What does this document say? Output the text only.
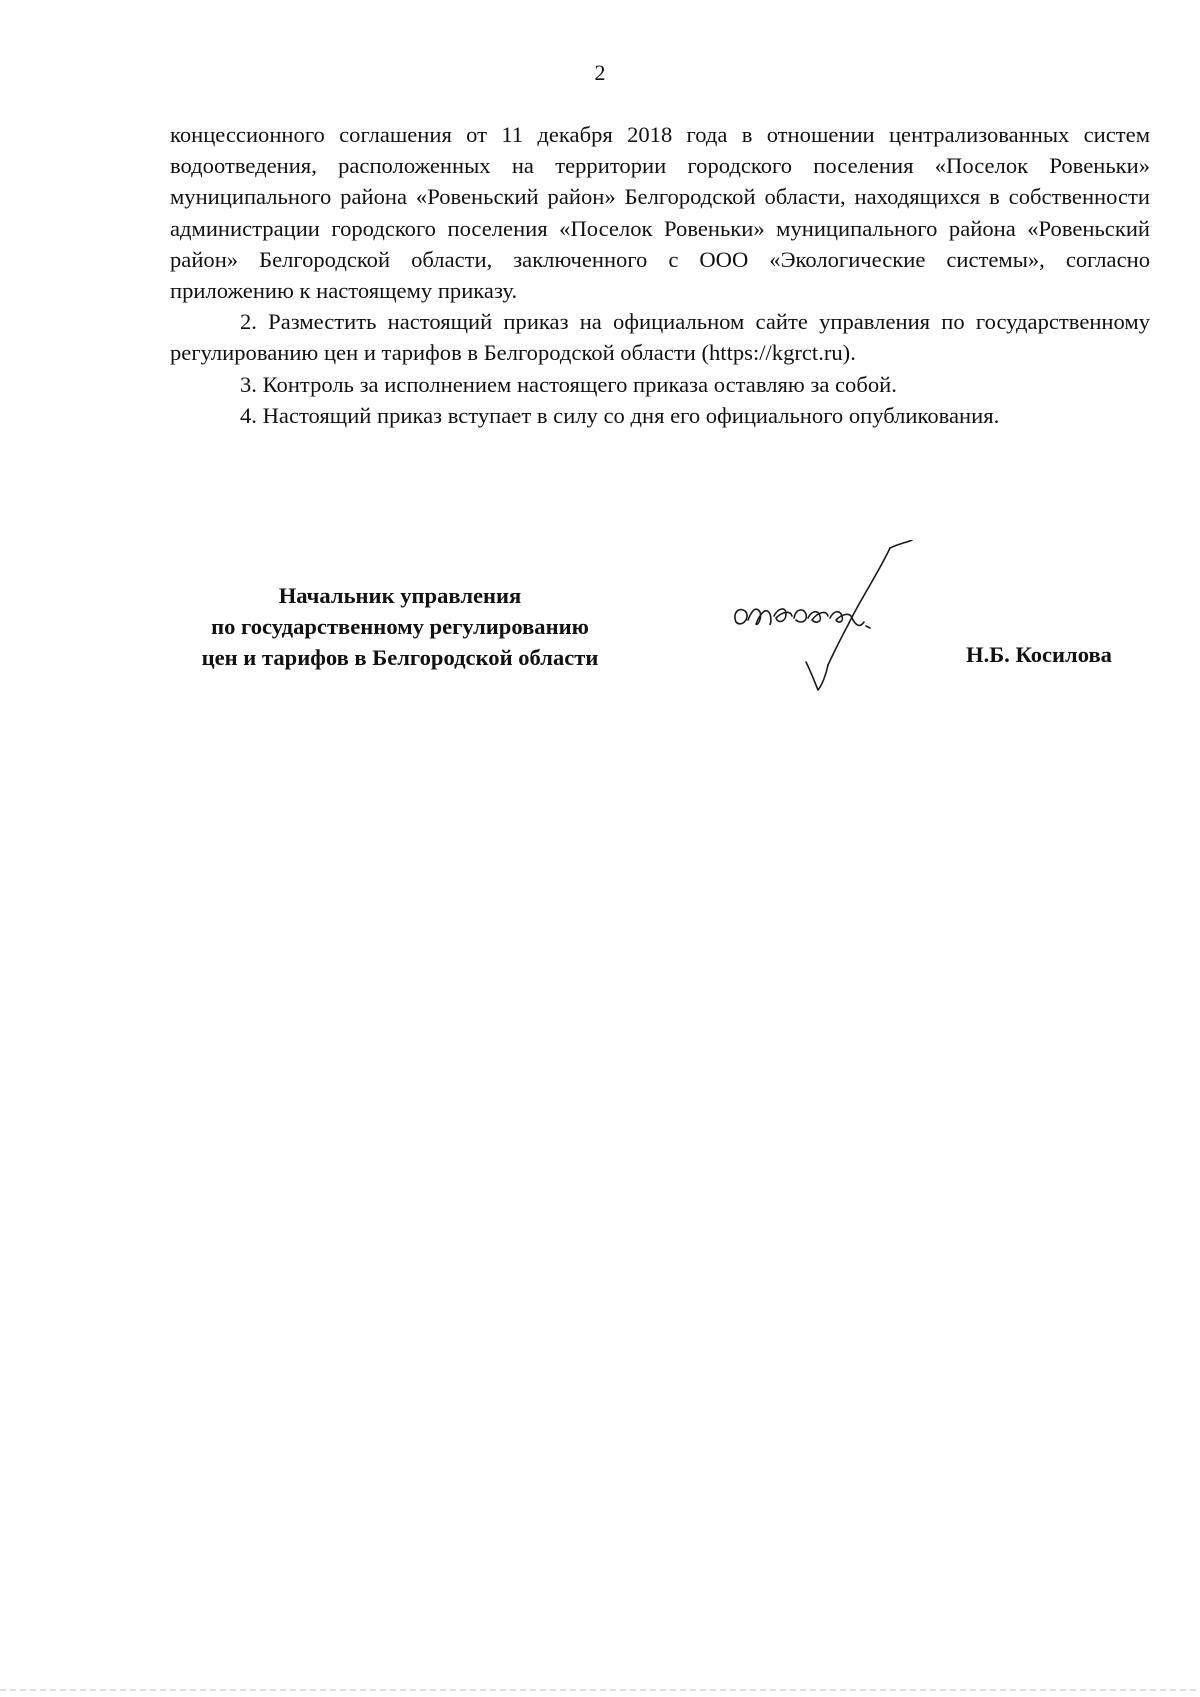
2

концессионного соглашения от 11 декабря 2018 года в отношении централизованных систем водоотведения, расположенных на территории городского поселения «Поселок Ровеньки» муниципального района «Ровеньский район» Белгородской области, находящихся в собственности администрации городского поселения «Поселок Ровеньки» муниципального района «Ровеньский район» Белгородской области, заключенного с ООО «Экологические системы», согласно приложению к настоящему приказу.

2. Разместить настоящий приказ на официальном сайте управления по государственному регулированию цен и тарифов в Белгородской области (https://kgrct.ru).

3. Контроль за исполнением настоящего приказа оставляю за собой.

4. Настоящий приказ вступает в силу со дня его официального опубликования.

Начальник управления
по государственному регулированию
цен и тарифов в Белгородской области	Н.Б. Косилова
